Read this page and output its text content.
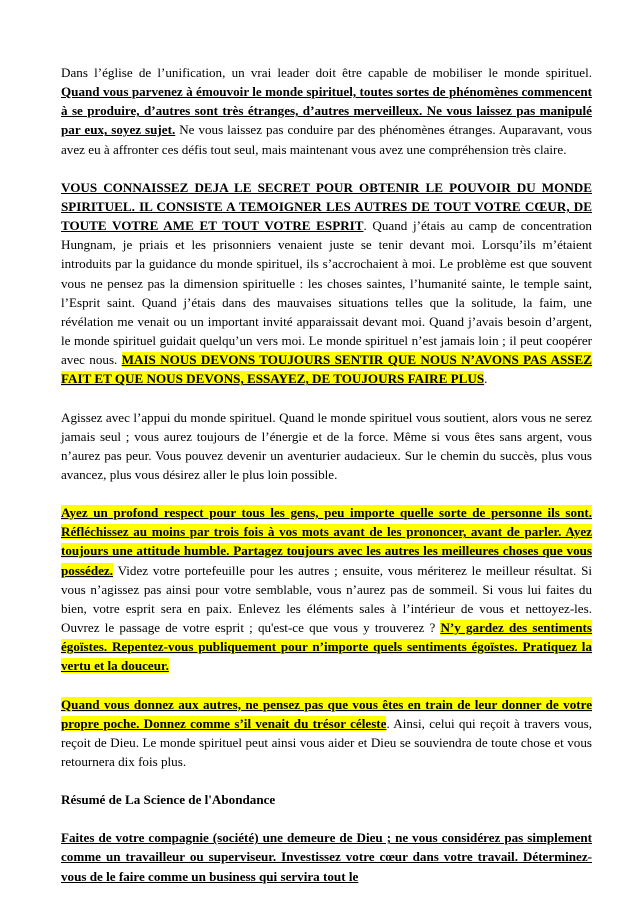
Dans l’église de l’unification, un vrai leader doit être capable de mobiliser le monde spirituel. Quand vous parvenez à émouvoir le monde spirituel, toutes sortes de phénomènes commencent à se produire, d’autres sont très étranges, d’autres merveilleux. Ne vous laissez pas manipulé par eux, soyez sujet. Ne vous laissez pas conduire par des phénomènes étranges. Auparavant, vous avez eu à affronter ces défis tout seul, mais maintenant vous avez une compréhension très claire.

VOUS CONNAISSEZ DEJA LE SECRET POUR OBTENIR LE POUVOIR DU MONDE SPIRITUEL. IL CONSISTE A TEMOIGNER LES AUTRES DE TOUT VOTRE CŒUR, DE TOUTE VOTRE AME ET TOUT VOTRE ESPRIT. Quand j’étais au camp de concentration Hungnam, je priais et les prisonniers venaient juste se tenir devant moi. Lorsqu’ils m’étaient introduits par la guidance du monde spirituel, ils s’accrochaient à moi. Le problème est que souvent vous ne pensez pas la dimension spirituelle : les choses saintes, l’humanité sainte, le temple saint, l’Esprit saint. Quand j’étais dans des mauvaises situations telles que la solitude, la faim, une révélation me venait ou un important invité apparaissait devant moi. Quand j’avais besoin d’argent, le monde spirituel guidait quelqu’un vers moi. Le monde spirituel n’est jamais loin ; il peut coopérer avec nous. MAIS NOUS DEVONS TOUJOURS SENTIR QUE NOUS N’AVONS PAS ASSEZ FAIT ET QUE NOUS DEVONS, ESSAYEZ, DE TOUJOURS FAIRE PLUS.

Agissez avec l’appui du monde spirituel. Quand le monde spirituel vous soutient, alors vous ne serez jamais seul ; vous aurez toujours de l’énergie et de la force. Même si vous êtes sans argent, vous n’aurez pas peur. Vous pouvez devenir un aventurier audacieux. Sur le chemin du succès, plus vous avancez, plus vous désirez aller le plus loin possible.

Ayez un profond respect pour tous les gens, peu importe quelle sorte de personne ils sont. Réfléchissez au moins par trois fois à vos mots avant de les prononcer, avant de parler. Ayez toujours une attitude humble. Partagez toujours avec les autres les meilleures choses que vous possédez. Videz votre portefeuille pour les autres ; ensuite, vous mériterez le meilleur résultat. Si vous n’agissez pas ainsi pour votre semblable, vous n’aurez pas de sommeil. Si vous lui faites du bien, votre esprit sera en paix. Enlevez les éléments sales à l’intérieur de vous et nettoyez-les. Ouvrez le passage de votre esprit ; qu'est-ce que vous y trouverez ? N’y gardez des sentiments égoïstes. Repentez-vous publiquement pour n’importe quels sentiments égoïstes. Pratiquez la vertu et la douceur.

Quand vous donnez aux autres, ne pensez pas que vous êtes en train de leur donner de votre propre poche. Donnez comme s’il venait du trésor céleste. Ainsi, celui qui reçoit à travers vous, reçoit de Dieu. Le monde spirituel peut ainsi vous aider et Dieu se souviendra de toute chose et vous retournera dix fois plus.

Résumé de La Science de l'Abondance

Faites de votre compagnie (société) une demeure de Dieu ; ne vous considérez pas simplement comme un travailleur ou superviseur. Investissez votre cœur dans votre travail. Déterminez-vous de le faire comme un business qui servira tout le
